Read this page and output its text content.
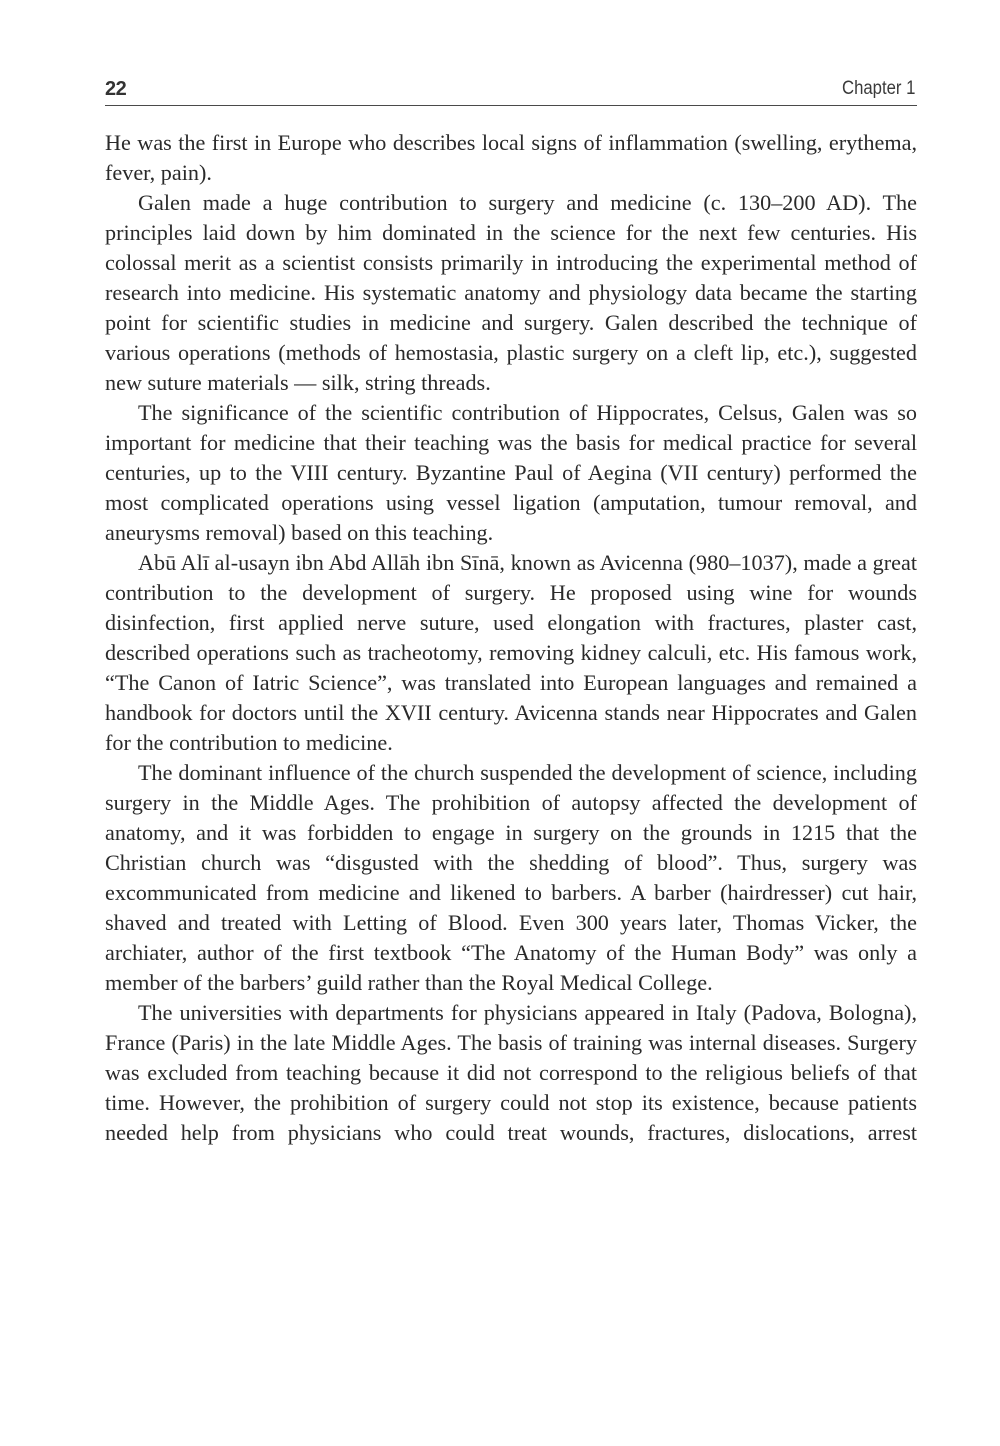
22	Chapter 1

He was the first in Europe who describes local signs of inflammation (swelling, erythema, fever, pain).

Galen made a huge contribution to surgery and medicine (c. 130–200 AD). The principles laid down by him dominated in the science for the next few centuries. His colossal merit as a scientist consists primarily in introducing the experimental method of research into medicine. His systematic anatomy and physiology data became the starting point for scientific studies in medicine and surgery. Galen described the technique of various operations (methods of hemostasia, plastic surgery on a cleft lip, etc.), suggested new suture materials — silk, string threads.

The significance of the scientific contribution of Hippocrates, Celsus, Galen was so important for medicine that their teaching was the basis for medical practice for several centuries, up to the VIII century. Byzantine Paul of Aegina (VII century) performed the most complicated operations using vessel ligation (amputation, tumour removal, and aneurysms removal) based on this teaching.

Abū Alī al-usayn ibn Abd Allāh ibn Sīnā, known as Avicenna (980–1037), made a great contribution to the development of surgery. He proposed using wine for wounds disinfection, first applied nerve suture, used elongation with fractures, plaster cast, described operations such as tracheotomy, removing kidney calculi, etc. His famous work, “The Canon of Iatric Science”, was translated into European languages and remained a handbook for doctors until the XVII century. Avicenna stands near Hippocrates and Galen for the contribution to medicine.

The dominant influence of the church suspended the development of science, including surgery in the Middle Ages. The prohibition of autopsy affected the development of anatomy, and it was forbidden to engage in surgery on the grounds in 1215 that the Christian church was “disgusted with the shedding of blood”. Thus, surgery was excommunicated from medicine and likened to barbers. A barber (hairdresser) cut hair, shaved and treated with Letting of Blood. Even 300 years later, Thomas Vicker, the archiater, author of the first textbook “The Anatomy of the Human Body” was only a member of the barbers’ guild rather than the Royal Medical College.

The universities with departments for physicians appeared in Italy (Padova, Bologna), France (Paris) in the late Middle Ages. The basis of training was internal diseases. Surgery was excluded from teaching because it did not correspond to the religious beliefs of that time. However, the prohibition of surgery could not stop its existence, because patients needed help from physicians who could treat wounds, fractures, dislocations, arrest
